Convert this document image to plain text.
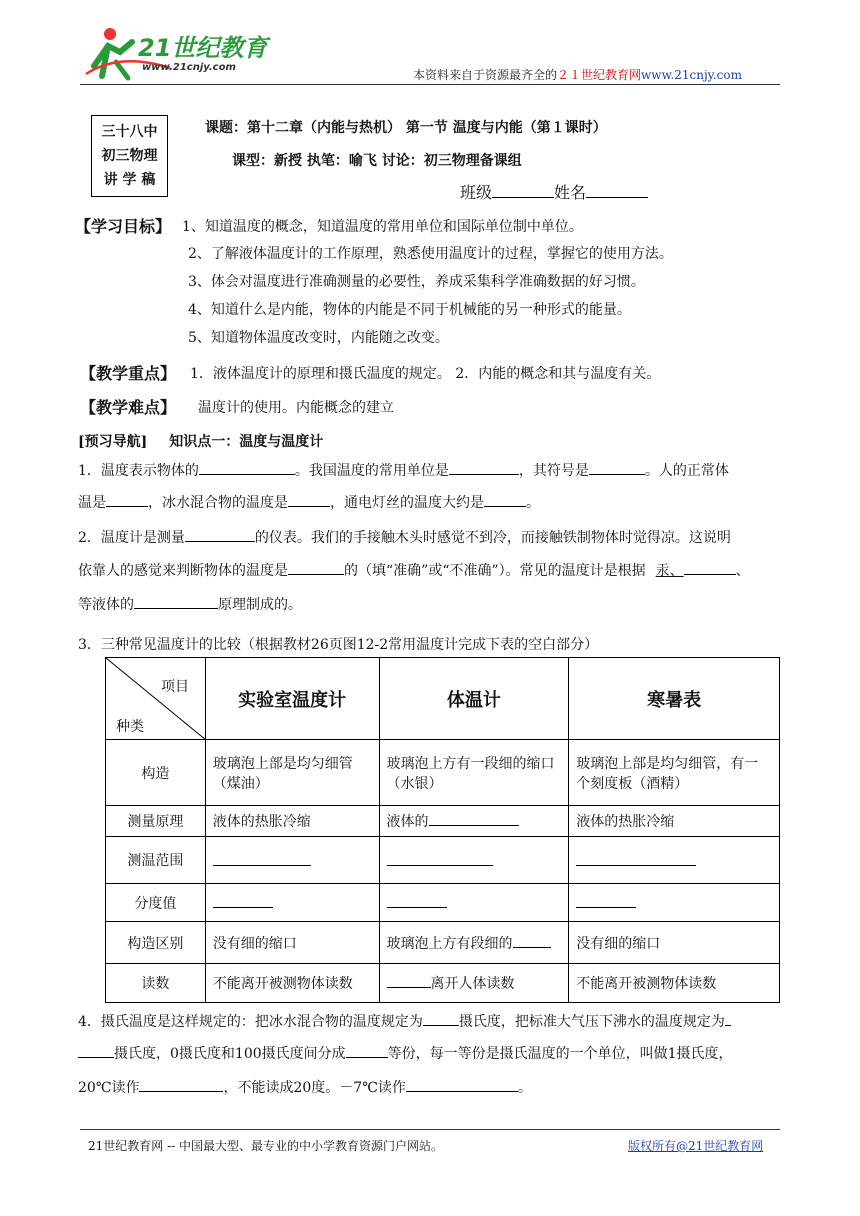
21世纪教育
www.21cnjy.com
本资料来自于资源最齐全的２１世纪教育网www.21cnjy.com
三十八中
初三物理
讲 学 稿
课题：第十二章（内能与热机） 第一节 温度与内能（第１课时）
课型：新授 执笔：喻飞 讨论：初三物理备课组
班级	姓名
【学习目标】 1、知道温度的概念，知道温度的常用单位和国际单位制中单位。
2、了解液体温度计的工作原理，熟悉使用温度计的过程，掌握它的使用方法。
3、体会对温度进行准确测量的必要性，养成采集科学准确数据的好习惯。
4、知道什么是内能，物体的内能是不同于机械能的另一种形式的能量。
5、知道物体温度改变时，内能随之改变。
【教学重点】 1．液体温度计的原理和摄氏温度的规定。 2．内能的概念和其与温度有关。
【教学难点】 温度计的使用。内能概念的建立
[预习导航] 知识点一：温度与温度计
1．温度表示物体的	。我国温度的常用单位是	，其符号是	。人的正常体
温是	，冰水混合物的温度是	，通电灯丝的温度大约是	。
2．温度计是测量	的仪表。我们的手接触木头时感觉不到冷，而接触铁制物体时觉得凉。这说明
依靠人的感觉来判断物体的温度是	的（填“准确”或“不准确”）。常见的温度计是根据 汞、	、
等液体的	原理制成的。
3．三种常见温度计的比较（根据教材26页图12-2常用温度计完成下表的空白部分）
项目
种类	实验室温度计	体温计	寒暑表
构造	玻璃泡上部是均匀细管（煤油）	玻璃泡上方有一段细的缩口（水银）	玻璃泡上部是均匀细管，有一个刻度板（酒精）
测量原理	液体的热胀冷缩	液体的	液体的热胀冷缩
测温范围			
分度值			
构造区别	没有细的缩口	玻璃泡上方有段细的	没有细的缩口
读数	不能离开被测物体读数	离开人体读数	不能离开被测物体读数
4．摄氏温度是这样规定的：把冰水混合物的温度规定为	摄氏度，把标准大气压下沸水的温度规定为
摄氏度，0摄氏度和100摄氏度间分成	等份，每一等份是摄氏温度的一个单位，叫做1摄氏度，
20℃读作	，不能读成20度。－7℃读作	。
21世纪教育网 -- 中国最大型、最专业的中小学教育资源门户网站。	版权所有@21世纪教育网
